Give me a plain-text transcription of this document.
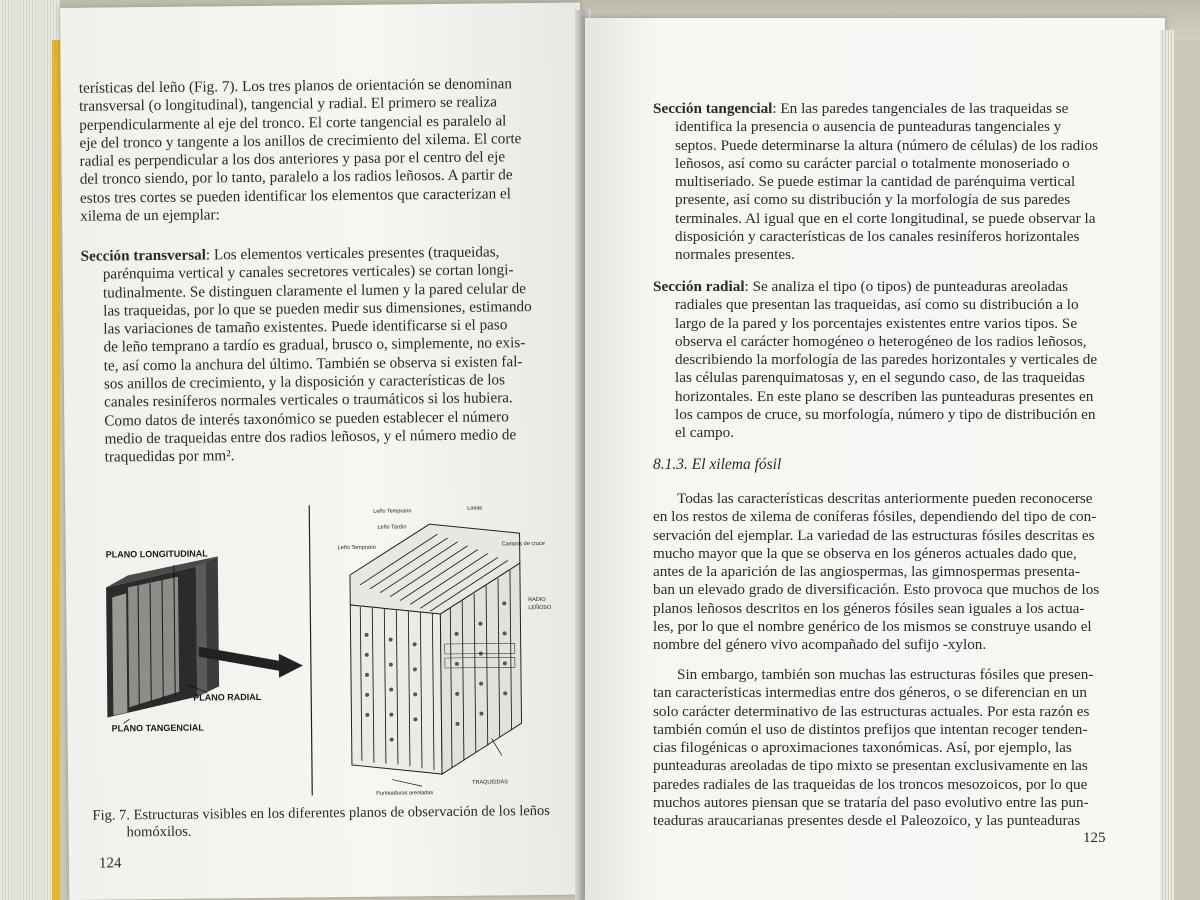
terísticas del leño (Fig. 7). Los tres planos de orientación se denominan

transversal (o longitudinal), tangencial y radial. El primero se realiza

perpendicularmente al eje del tronco. El corte tangencial es paralelo al

eje del tronco y tangente a los anillos de crecimiento del xilema. El corte

radial es perpendicular a los dos anteriores y pasa por el centro del eje

del tronco siendo, por lo tanto, paralelo a los radios leñosos. A partir de

estos tres cortes se pueden identificar los elementos que caracterizan el

xilema de un ejemplar:

Sección transversal: Los elementos verticales presentes (traqueidas,

parénquima vertical y canales secretores verticales) se cortan longi-

tudinalmente. Se distinguen claramente el lumen y la pared celular de

las traqueidas, por lo que se pueden medir sus dimensiones, estimando

las variaciones de tamaño existentes. Puede identificarse si el paso

de leño temprano a tardío es gradual, brusco o, simplemente, no exis-

te, así como la anchura del último. También se observa si existen fal-

sos anillos de crecimiento, y la disposición y características de los

canales resiníferos normales verticales o traumáticos si los hubiera.

Como datos de interés taxonómico se pueden establecer el número

medio de traqueidas entre dos radios leñosos, y el número medio de

traquedidas por mm².

PLANO LONGITUDINAL
PLANO RADIAL
PLANO TANGENCIAL
Leño Temprano	Límite
Leño Tardío
Leño Temprano
Campos de cruce
RADIO
LEÑOSO
TRAQUEIDAS
Punteaduras areoladas
Fig. 7. Estructuras visibles en los diferentes planos de observación de los leños
homóxilos.
124

Sección tangencial: En las paredes tangenciales de las traqueidas se

identifica la presencia o ausencia de punteaduras tangenciales y

septos. Puede determinarse la altura (número de células) de los radios

leñosos, así como su carácter parcial o totalmente monoseriado o

multiseriado. Se puede estimar la cantidad de parénquima vertical

presente, así como su distribución y la morfología de sus paredes

terminales. Al igual que en el corte longitudinal, se puede observar la

disposición y características de los canales resiníferos horizontales

normales presentes.

Sección radial: Se analiza el tipo (o tipos) de punteaduras areoladas

radiales que presentan las traqueidas, así como su distribución a lo

largo de la pared y los porcentajes existentes entre varios tipos. Se

observa el carácter homogéneo o heterogéneo de los radios leñosos,

describiendo la morfología de las paredes horizontales y verticales de

las células parenquimatosas y, en el segundo caso, de las traqueidas

horizontales. En este plano se describen las punteaduras presentes en

los campos de cruce, su morfología, número y tipo de distribución en

el campo.

8.1.3. El xilema fósil

Todas las características descritas anteriormente pueden reconocerse

en los restos de xilema de coníferas fósiles, dependiendo del tipo de con-

servación del ejemplar. La variedad de las estructuras fósiles descritas es

mucho mayor que la que se observa en los géneros actuales dado que,

antes de la aparición de las angiospermas, las gimnospermas presenta-

ban un elevado grado de diversificación. Esto provoca que muchos de los

planos leñosos descritos en los géneros fósiles sean iguales a los actua-

les, por lo que el nombre genérico de los mismos se construye usando el

nombre del género vivo acompañado del sufijo -xylon.

Sin embargo, también son muchas las estructuras fósiles que presen-

tan características intermedias entre dos géneros, o se diferencian en un

solo carácter determinativo de las estructuras actuales. Por esta razón es

también común el uso de distintos prefijos que intentan recoger tenden-

cias filogénicas o aproximaciones taxonómicas. Así, por ejemplo, las

punteaduras areoladas de tipo mixto se presentan exclusivamente en las

paredes radiales de las traqueidas de los troncos mesozoicos, por lo que

muchos autores piensan que se trataría del paso evolutivo entre las pun-

teaduras araucarianas presentes desde el Paleozoico, y las punteaduras

125
